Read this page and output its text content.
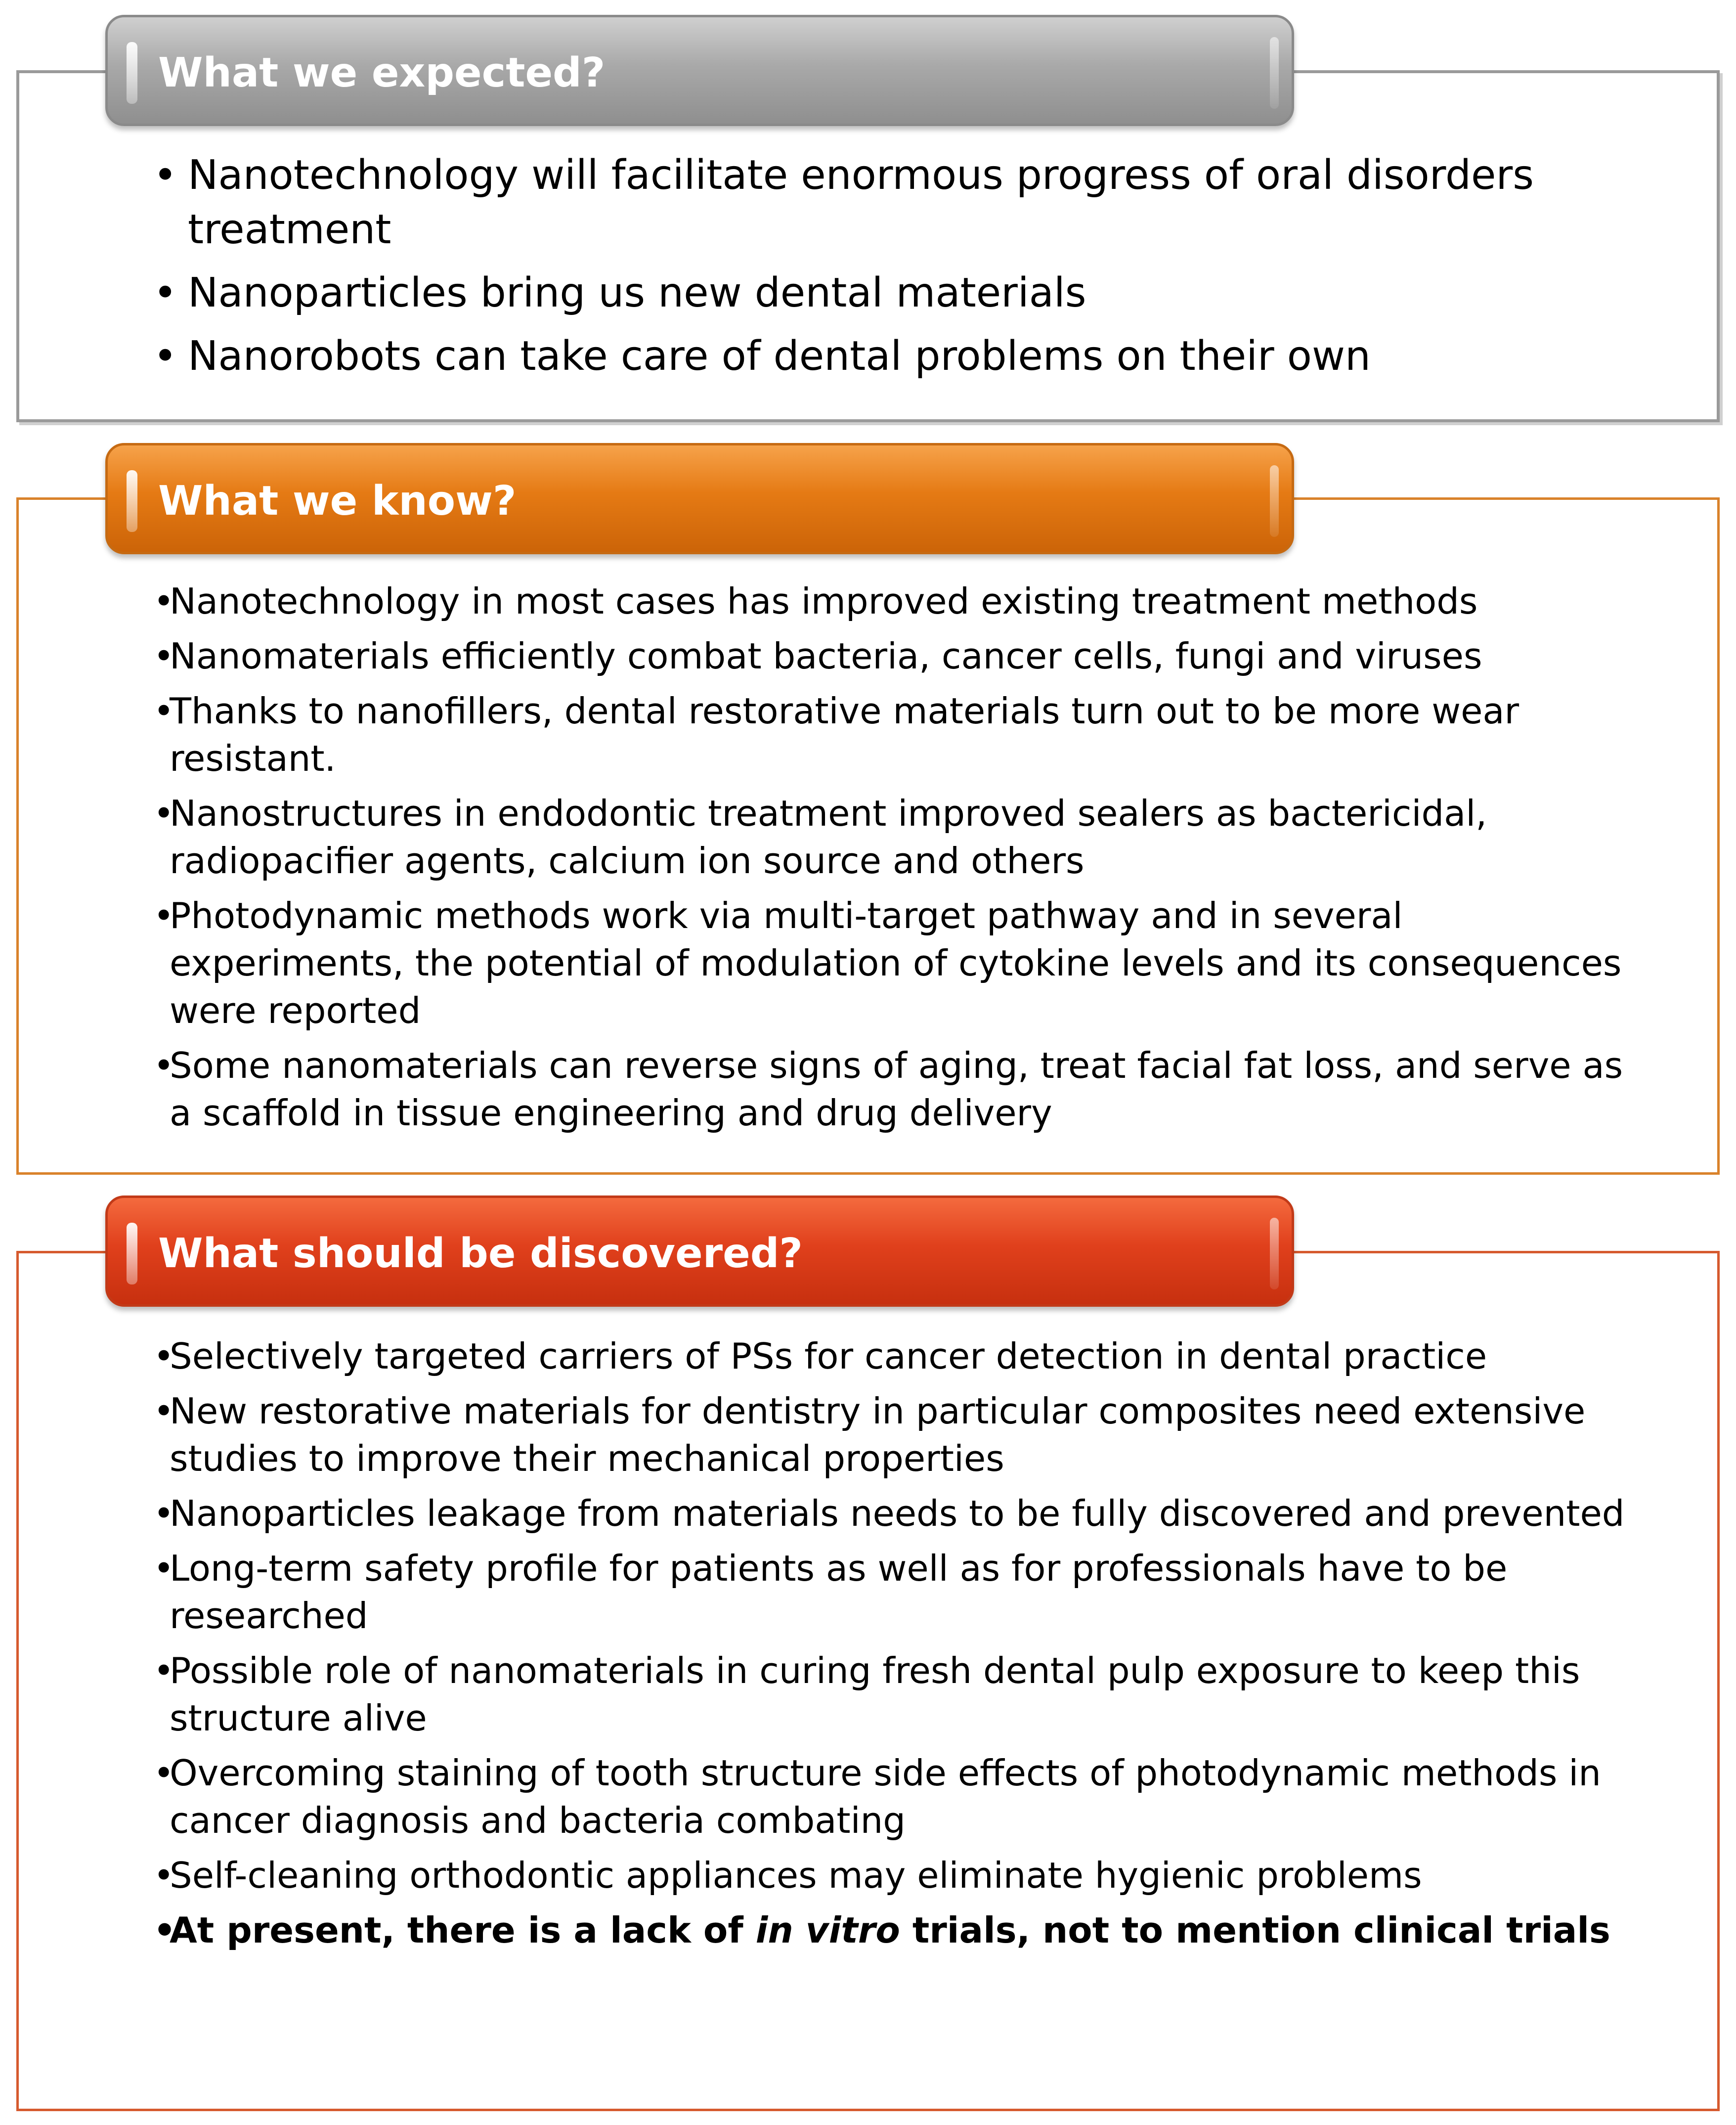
What we expected?
• Nanotechnology will facilitate enormous progress of oral disorders treatment
• Nanoparticles bring us new dental materials
• Nanorobots can take care of dental problems on their own
What we know?
• Nanotechnology in most cases has improved existing treatment methods
• Nanomaterials efficiently combat bacteria, cancer cells, fungi and viruses
• Thanks to nanofillers, dental restorative materials turn out to be more wear resistant.
• Nanostructures in endodontic treatment improved sealers as bactericidal, radiopacifier agents, calcium ion source and others
• Photodynamic methods work via multi-target pathway and in several experiments, the potential of modulation of cytokine levels and its consequences were reported
• Some nanomaterials can reverse signs of aging, treat facial fat loss, and serve as a scaffold in tissue engineering and drug delivery
What should be discovered?
• Selectively targeted carriers of PSs for cancer detection in dental practice
• New restorative materials for dentistry in particular composites need extensive studies to improve their mechanical properties
• Nanoparticles leakage from materials needs to be fully discovered and prevented
• Long-term safety profile for patients as well as for professionals have to be researched
• Possible role of nanomaterials in curing fresh dental pulp exposure to keep this structure alive
• Overcoming staining of tooth structure side effects of photodynamic methods in cancer diagnosis and bacteria combating
• Self-cleaning orthodontic appliances may eliminate hygienic problems
• At present, there is a lack of in vitro trials, not to mention clinical trials
